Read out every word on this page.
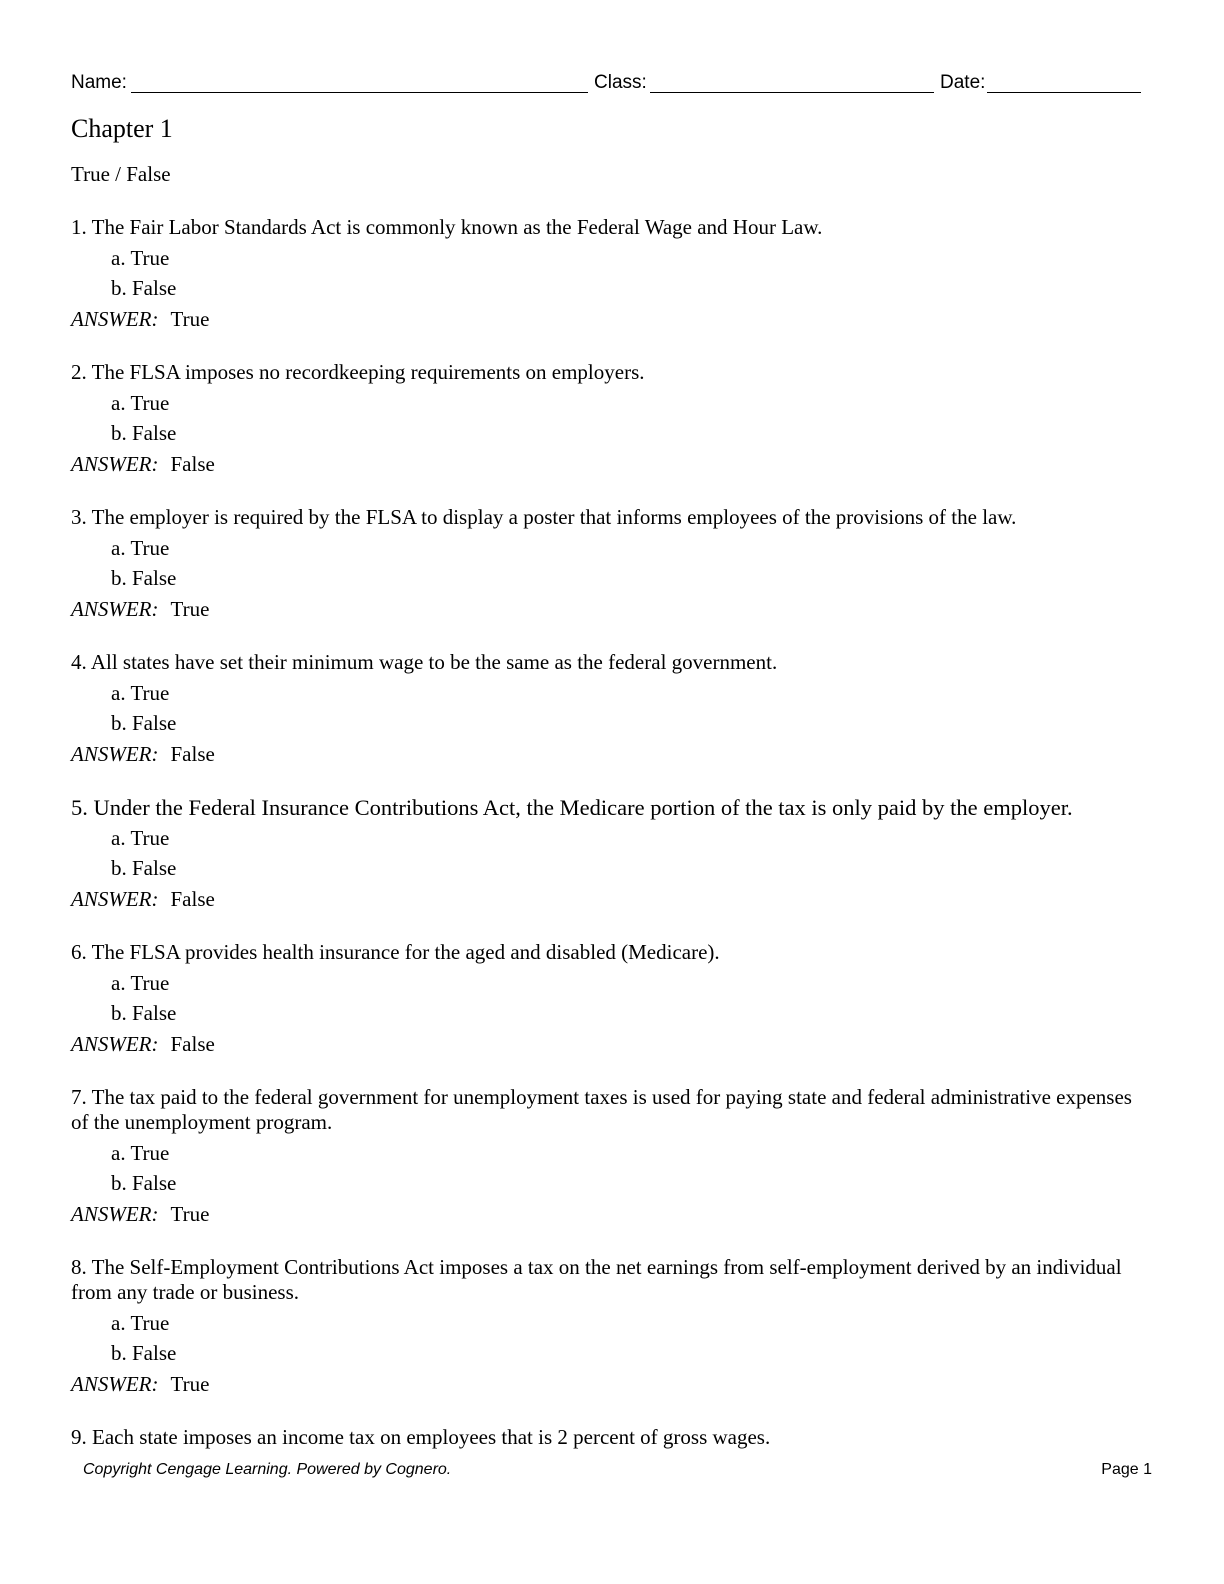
Name:	Class:	Date:
Chapter 1
True / False
1. The Fair Labor Standards Act is commonly known as the Federal Wage and Hour Law.
a. True
b. False
ANSWER: True
2. The FLSA imposes no recordkeeping requirements on employers.
a. True
b. False
ANSWER: False
3. The employer is required by the FLSA to display a poster that informs employees of the provisions of the law.
a. True
b. False
ANSWER: True
4. All states have set their minimum wage to be the same as the federal government.
a. True
b. False
ANSWER: False
5. Under the Federal Insurance Contributions Act, the Medicare portion of the tax is only paid by the employer.
a. True
b. False
ANSWER: False
6. The FLSA provides health insurance for the aged and disabled (Medicare).
a. True
b. False
ANSWER: False
7. The tax paid to the federal government for unemployment taxes is used for paying state and federal administrative expenses of the unemployment program.
a. True
b. False
ANSWER: True
8. The Self-Employment Contributions Act imposes a tax on the net earnings from self-employment derived by an individual from any trade or business.
a. True
b. False
ANSWER: True
9. Each state imposes an income tax on employees that is 2 percent of gross wages.
Copyright Cengage Learning. Powered by Cognero.	Page 1
